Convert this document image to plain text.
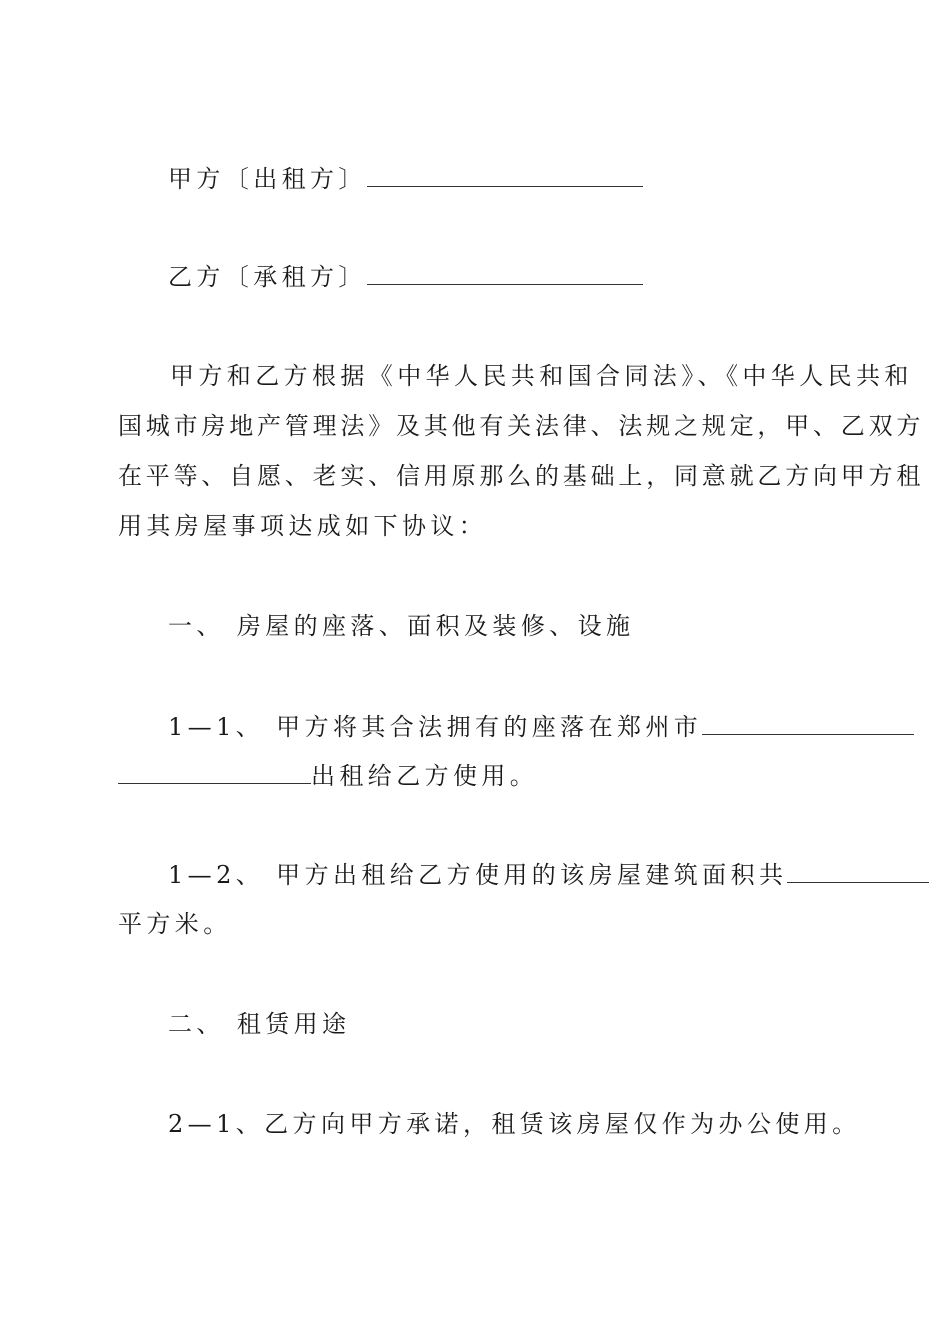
甲方〔出租方〕
乙方〔承租方〕
甲方和乙方根据《中华人民共和国合同法》、《中华人民共和
国城市房地产管理法》及其他有关法律、法规之规定，甲、乙双方
在平等、自愿、老实、信用原那么的基础上，同意就乙方向甲方租
用其房屋事项达成如下协议：
一、 房屋的座落、面积及装修、设施
1—1、 甲方将其合法拥有的座落在郑州市
出租给乙方使用。
1—2、 甲方出租给乙方使用的该房屋建筑面积共
平方米。
二、 租赁用途
2—1、乙方向甲方承诺，租赁该房屋仅作为办公使用。
